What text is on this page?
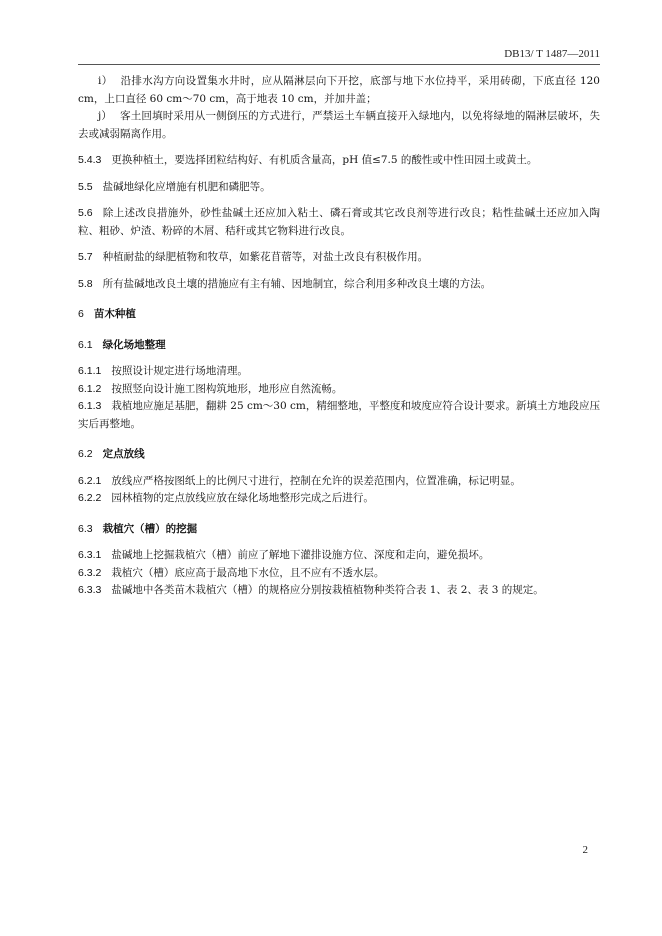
DB13/ T 1487—2011

i） 沿排水沟方向设置集水井时，应从隔淋层向下开挖，底部与地下水位持平，采用砖砌，下底直径 120 cm，上口直径 60 cm～70 cm，高于地表 10 cm，并加井盖；

j） 客土回填时采用从一侧倒压的方式进行，严禁运土车辆直接开入绿地内，以免将绿地的隔淋层破坏，失去或减弱隔离作用。

5.4.3 更换种植土，要选择团粒结构好、有机质含量高，pH 值≤7.5 的酸性或中性田园土或黄土。

5.5 盐碱地绿化应增施有机肥和磷肥等。

5.6 除上述改良措施外，砂性盐碱土还应加入粘土、磷石膏或其它改良剂等进行改良；粘性盐碱土还应加入陶粒、粗砂、炉渣、粉碎的木屑、秸秆或其它物料进行改良。

5.7 种植耐盐的绿肥植物和牧草，如紫花苜蓿等，对盐土改良有积极作用。

5.8 所有盐碱地改良土壤的措施应有主有辅、因地制宜，综合利用多种改良土壤的方法。

6 苗木种植

6.1 绿化场地整理

6.1.1 按照设计规定进行场地清理。

6.1.2 按照竖向设计施工图构筑地形，地形应自然流畅。

6.1.3 栽植地应施足基肥，翻耕 25 cm～30 cm，精细整地，平整度和坡度应符合设计要求。新填土方地段应压实后再整地。

6.2 定点放线

6.2.1 放线应严格按图纸上的比例尺寸进行，控制在允许的误差范围内，位置准确，标记明显。

6.2.2 园林植物的定点放线应放在绿化场地整形完成之后进行。

6.3 栽植穴（槽）的挖掘

6.3.1 盐碱地上挖掘栽植穴（槽）前应了解地下灌排设施方位、深度和走向，避免损坏。

6.3.2 栽植穴（槽）底应高于最高地下水位，且不应有不透水层。

6.3.3 盐碱地中各类苗木栽植穴（槽）的规格应分别按栽植植物种类符合表 1、表 2、表 3 的规定。

2
